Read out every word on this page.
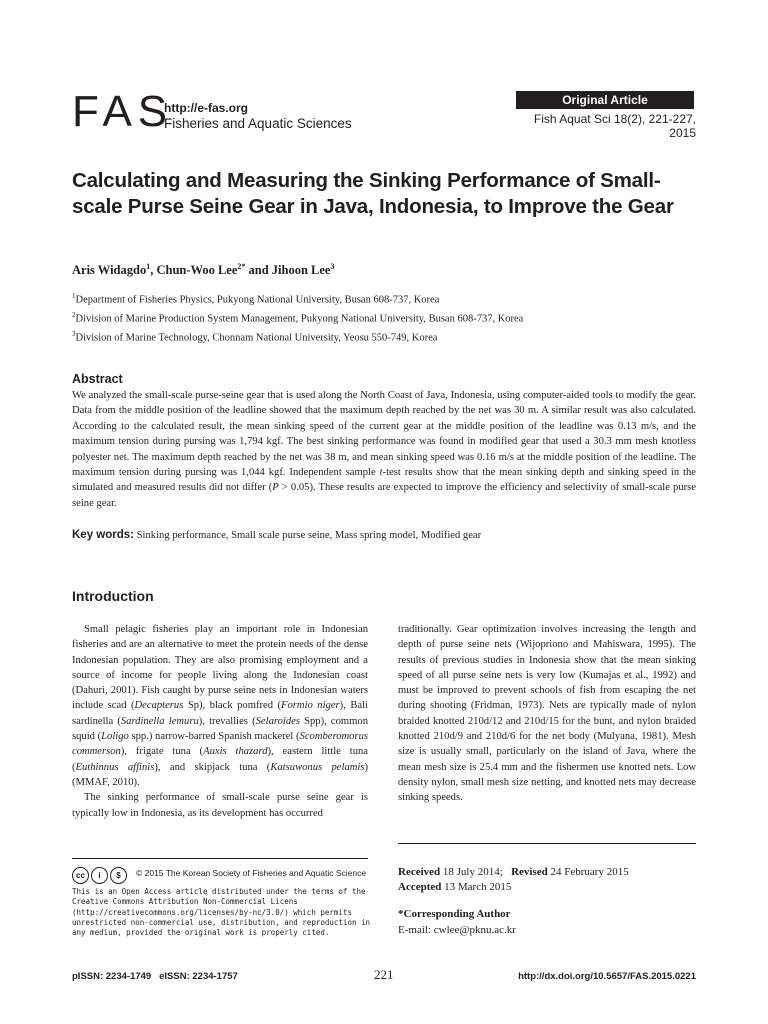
FAS
http://e-fas.org
Fisheries and Aquatic Sciences
Original Article
Fish Aquat Sci 18(2), 221-227, 2015
Calculating and Measuring the Sinking Performance of Small-scale Purse Seine Gear in Java, Indonesia, to Improve the Gear
Aris Widagdo$^1$, Chun-Woo Lee$^{2*}$ and Jihoon Lee$^3$
$^1$Department of Fisheries Physics, Pukyong National University, Busan 608-737, Korea
$^2$Division of Marine Production System Management, Pukyong National University, Busan 608-737, Korea
$^3$Division of Marine Technology, Chonnam National University, Yeosu 550-749, Korea
Abstract
We analyzed the small-scale purse-seine gear that is used along the North Coast of Java, Indonesia, using computer-aided tools to modify the gear. Data from the middle position of the leadline showed that the maximum depth reached by the net was 30 m. A similar result was also calculated. According to the calculated result, the mean sinking speed of the current gear at the middle position of the leadline was 0.13 m/s, and the maximum tension during pursing was 1,794 kgf. The best sinking performance was found in modified gear that used a 30.3 mm mesh knotless polyester net. The maximum depth reached by the net was 38 m, and mean sinking speed was 0.16 m/s at the middle position of the leadline. The maximum tension during pursing was 1,044 kgf. Independent sample t-test results show that the mean sinking depth and sinking speed in the simulated and measured results did not differ (P > 0.05). These results are expected to improve the efficiency and selectivity of small-scale purse seine gear.
Key words: Sinking performance, Small scale purse seine, Mass spring model, Modified gear
Introduction

Small pelagic fisheries play an important role in Indonesian fisheries and are an alternative to meet the protein needs of the dense Indonesian population. They are also promising employment and a source of income for people living along the Indonesian coast (Dahuri, 2001). Fish caught by purse seine nets in Indonesian waters include scad (Decapterus Sp), black pomfred (Formio niger), Bali sardinella (Sardinella lemuru), trevallies (Selaroides Spp), common squid (Loligo spp.) narrow-barred Spanish mackerel (Scomberomorus commerson), frigate tuna (Auxis thazard), eastern little tuna (Euthinnus affinis), and skipjack tuna (Katsuwonus pelamis) (MMAF, 2010).

The sinking performance of small-scale purse seine gear is typically low in Indonesia, as its development has occurred

traditionally. Gear optimization involves increasing the length and depth of purse seine nets (Wijopriono and Mahiswara, 1995). The results of previous studies in Indonesia show that the mean sinking speed of all purse seine nets is very low (Kumajas et al., 1992) and must be improved to prevent schools of fish from escaping the net during shooting (Fridman, 1973). Nets are typically made of nylon braided knotted 210d/12 and 210d/15 for the bunt, and nylon braided knotted 210d/9 and 210d/6 for the net body (Mulyana, 1981). Mesh size is usually small, particularly on the island of Java, where the mean mesh size is 25.4 mm and the fishermen use knotted nets. Low density nylon, small mesh size netting, and knotted nets may decrease sinking speeds.

cc i $	© 2015 The Korean Society of Fisheries and Aquatic Science
This is an Open Access article distributed under the terms of the Creative Commons Attribution Non-Commercial Licens (http://creativecommons.org/licenses/by-nc/3.0/) which permits unrestricted non-commercial use, distribution, and reproduction in any medium, provided the original work is properly cited.
Received 18 July 2014; Revised 24 February 2015
Accepted 13 March 2015
*Corresponding Author
E-mail: cwlee@pknu.ac.kr
pISSN: 2234-1749   eISSN: 2234-1757	221	http://dx.doi.org/10.5657/FAS.2015.0221
